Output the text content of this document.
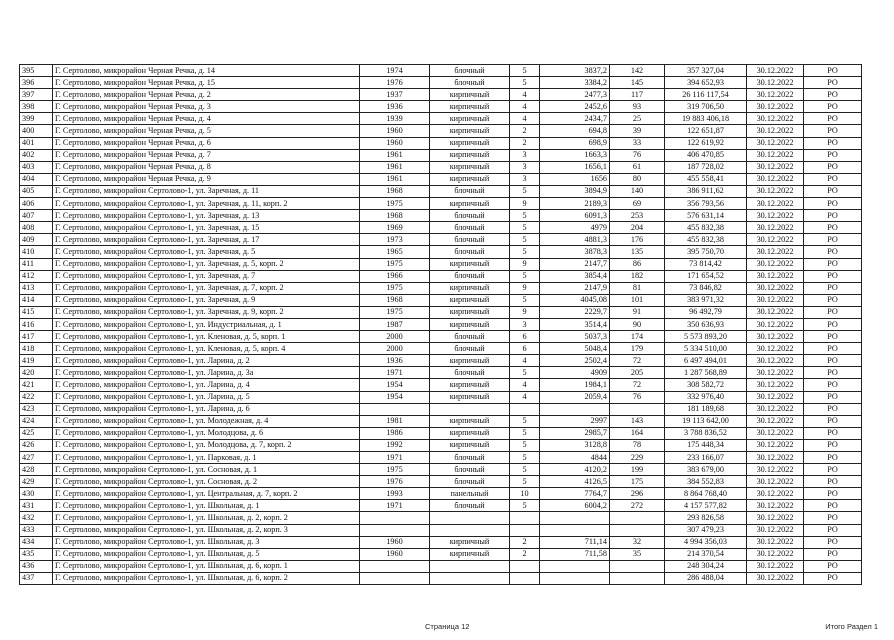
395	Г. Сертолово, микрорайон Черная Речка, д. 14	1974	блочный	5	3837,2	142	357 327,04	30.12.2022	РО
396	Г. Сертолово, микрорайон Черная Речка, д. 15	1976	блочный	5	3384,2	145	394 652,93	30.12.2022	РО
397	Г. Сертолово, микрорайон Черная Речка, д. 2	1937	кирпичный	4	2477,3	117	26 116 117,54	30.12.2022	РО
398	Г. Сертолово, микрорайон Черная Речка, д. 3	1936	кирпичный	4	2452,6	93	319 706,50	30.12.2022	РО
399	Г. Сертолово, микрорайон Черная Речка, д. 4	1939	кирпичный	4	2434,7	25	19 883 406,18	30.12.2022	РО
400	Г. Сертолово, микрорайон Черная Речка, д. 5	1960	кирпичный	2	694,8	39	122 651,87	30.12.2022	РО
401	Г. Сертолово, микрорайон Черная Речка, д. 6	1960	кирпичный	2	698,9	33	122 619,92	30.12.2022	РО
402	Г. Сертолово, микрорайон Черная Речка, д. 7	1961	кирпичный	3	1663,3	76	406 470,85	30.12.2022	РО
403	Г. Сертолово, микрорайон Черная Речка, д. 8	1961	кирпичный	3	1656,1	61	187 728,02	30.12.2022	РО
404	Г. Сертолово, микрорайон Черная Речка, д. 9	1961	кирпичный	3	1656	80	455 558,41	30.12.2022	РО
405	Г. Сертолово, микрорайон Сертолово-1, ул. Заречная, д. 11	1968	блочный	5	3894,9	140	386 911,62	30.12.2022	РО
406	Г. Сертолово, микрорайон Сертолово-1, ул. Заречная, д. 11, корп. 2	1975	кирпичный	9	2189,3	69	356 793,56	30.12.2022	РО
407	Г. Сертолово, микрорайон Сертолово-1, ул. Заречная, д. 13	1968	блочный	5	6091,3	253	576 631,14	30.12.2022	РО
408	Г. Сертолово, микрорайон Сертолово-1, ул. Заречная, д. 15	1969	блочный	5	4979	204	455 832,38	30.12.2022	РО
409	Г. Сертолово, микрорайон Сертолово-1, ул. Заречная, д. 17	1973	блочный	5	4881,3	176	455 832,38	30.12.2022	РО
410	Г. Сертолово, микрорайон Сертолово-1, ул. Заречная, д. 5	1965	блочный	5	3878,3	135	395 750,70	30.12.2022	РО
411	Г. Сертолово, микрорайон Сертолово-1, ул. Заречная, д. 5, корп. 2	1975	кирпичный	9	2147,7	86	73 814,42	30.12.2022	РО
412	Г. Сертолово, микрорайон Сертолово-1, ул. Заречная, д. 7	1966	блочный	5	3854,4	182	171 654,52	30.12.2022	РО
413	Г. Сертолово, микрорайон Сертолово-1, ул. Заречная, д. 7, корп. 2	1975	кирпичный	9	2147,9	81	73 846,82	30.12.2022	РО
414	Г. Сертолово, микрорайон Сертолово-1, ул. Заречная, д. 9	1968	кирпичный	5	4045,08	101	383 971,32	30.12.2022	РО
415	Г. Сертолово, микрорайон Сертолово-1, ул. Заречная, д. 9, корп. 2	1975	кирпичный	9	2229,7	91	96 492,79	30.12.2022	РО
416	Г. Сертолово, микрорайон Сертолово-1, ул. Индустриальная, д. 1	1987	кирпичный	3	3514,4	90	350 636,93	30.12.2022	РО
417	Г. Сертолово, микрорайон Сертолово-1, ул. Кленовая, д. 5, корп. 1	2000	блочный	6	5037,3	174	5 573 893,20	30.12.2022	РО
418	Г. Сертолово, микрорайон Сертолово-1, ул. Кленовая, д. 5, корп. 4	2000	блочный	6	5048,4	179	5 334 510,00	30.12.2022	РО
419	Г. Сертолово, микрорайон Сертолово-1, ул. Ларина, д. 2	1936	кирпичный	4	2502,4	72	6 497 494,01	30.12.2022	РО
420	Г. Сертолово, микрорайон Сертолово-1, ул. Ларина, д. 3а	1971	блочный	5	4909	205	1 287 568,89	30.12.2022	РО
421	Г. Сертолово, микрорайон Сертолово-1, ул. Ларина, д. 4	1954	кирпичный	4	1984,1	72	308 582,72	30.12.2022	РО
422	Г. Сертолово, микрорайон Сертолово-1, ул. Ларина, д. 5	1954	кирпичный	4	2059,4	76	332 976,40	30.12.2022	РО
423	Г. Сертолово, микрорайон Сертолово-1, ул. Ларина, д. 6						181 189,68	30.12.2022	РО
424	Г. Сертолово, микрорайон Сертолово-1, ул. Молодежная, д. 4	1981	кирпичный	5	2997	143	19 113 642,00	30.12.2022	РО
425	Г. Сертолово, микрорайон Сертолово-1, ул. Молодцова, д. 6	1986	кирпичный	5	2985,7	164	3 788 836,52	30.12.2022	РО
426	Г. Сертолово, микрорайон Сертолово-1, ул. Молодцова, д. 7, корп. 2	1992	кирпичный	5	3128,8	78	175 448,34	30.12.2022	РО
427	Г. Сертолово, микрорайон Сертолово-1, ул. Парковая, д. 1	1971	блочный	5	4844	229	233 166,07	30.12.2022	РО
428	Г. Сертолово, микрорайон Сертолово-1, ул. Сосновая, д. 1	1975	блочный	5	4120,2	199	383 679,00	30.12.2022	РО
429	Г. Сертолово, микрорайон Сертолово-1, ул. Сосновая, д. 2	1976	блочный	5	4126,5	175	384 552,83	30.12.2022	РО
430	Г. Сертолово, микрорайон Сертолово-1, ул. Центральная, д. 7, корп. 2	1993	панельный	10	7764,7	296	8 864 768,40	30.12.2022	РО
431	Г. Сертолово, микрорайон Сертолово-1, ул. Школьная, д. 1	1971	блочный	5	6004,2	272	4 157 577,82	30.12.2022	РО
432	Г. Сертолово, микрорайон Сертолово-1, ул. Школьная, д. 2, корп. 2						293 826,58	30.12.2022	РО
433	Г. Сертолово, микрорайон Сертолово-1, ул. Школьная, д. 2, корп. 3						307 479,23	30.12.2022	РО
434	Г. Сертолово, микрорайон Сертолово-1, ул. Школьная, д. 3	1960	кирпичный	2	711,14	32	4 994 356,03	30.12.2022	РО
435	Г. Сертолово, микрорайон Сертолово-1, ул. Школьная, д. 5	1960	кирпичный	2	711,58	35	214 370,54	30.12.2022	РО
436	Г. Сертолово, микрорайон Сертолово-1, ул. Школьная, д. 6, корп. 1						248 304,24	30.12.2022	РО
437	Г. Сертолово, микрорайон Сертолово-1, ул. Школьная, д. 6, корп. 2						286 488,04	30.12.2022	РО
Страница 12	Итого Раздел 1
